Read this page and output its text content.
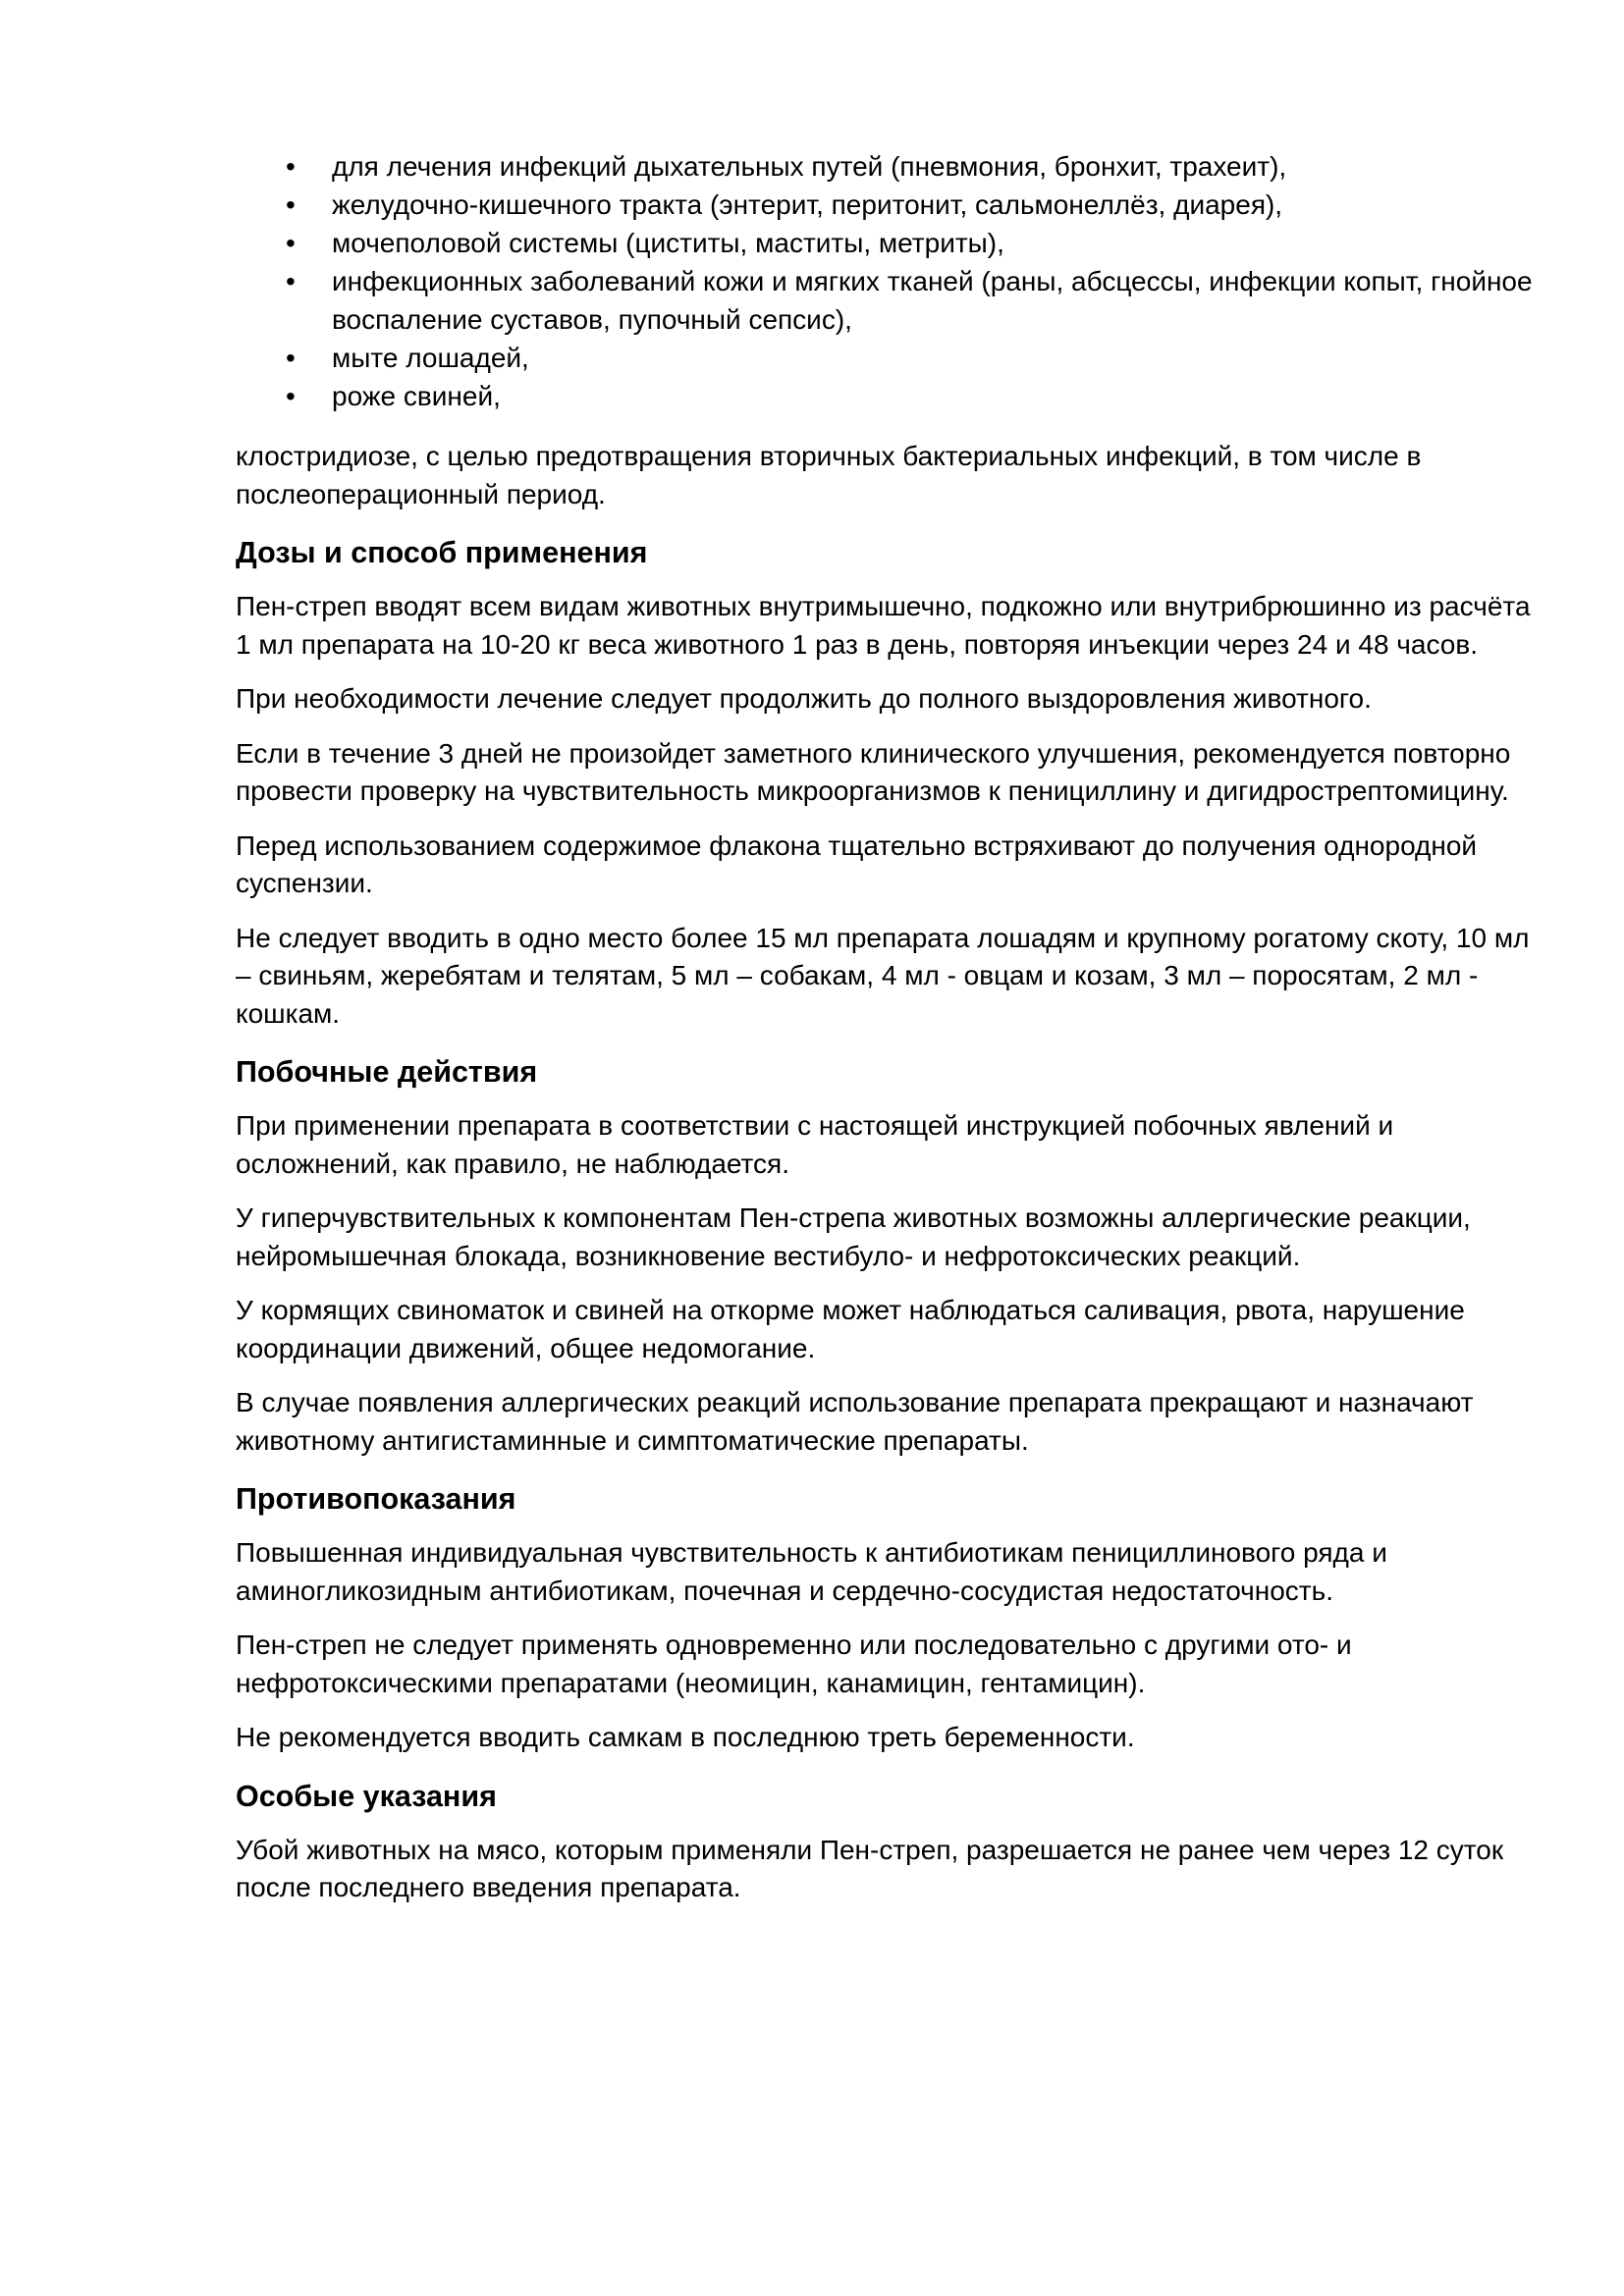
• для лечения инфекций дыхательных путей (пневмония, бронхит, трахеит),
• желудочно-кишечного тракта (энтерит, перитонит, сальмонеллёз, диарея),
• мочеполовой системы (циститы, маститы, метриты),
• инфекционных заболеваний кожи и мягких тканей (раны, абсцессы, инфекции копыт, гнойное воспаление суставов, пупочный сепсис),
• мыте лошадей,
• роже свиней,

клостридиозе, с целью предотвращения вторичных бактериальных инфекций, в том числе в послеоперационный период.

Дозы и способ применения

Пен-стреп вводят всем видам животных внутримышечно, подкожно или внутрибрюшинно из расчёта 1 мл препарата на 10-20 кг веса животного 1 раз в день, повторяя инъекции через 24 и 48 часов.

При необходимости лечение следует продолжить до полного выздоровления животного.

Если в течение 3 дней не произойдет заметного клинического улучшения, рекомендуется повторно провести проверку на чувствительность микроорганизмов к пенициллину и дигидрострептомицину.

Перед использованием содержимое флакона тщательно встряхивают до получения однородной суспензии.

Не следует вводить в одно место более 15 мл препарата лошадям и крупному рогатому скоту, 10 мл – свиньям, жеребятам и телятам, 5 мл – собакам, 4 мл - овцам и козам, 3 мл – поросятам, 2 мл - кошкам.

Побочные действия

При применении препарата в соответствии с настоящей инструкцией побочных явлений и осложнений, как правило, не наблюдается.

У гиперчувствительных к компонентам Пен-стрепа животных возможны аллергические реакции, нейромышечная блокада, возникновение вестибуло- и нефротоксических реакций.

У кормящих свиноматок и свиней на откорме может наблюдаться саливация, рвота, нарушение координации движений, общее недомогание.

В случае появления аллергических реакций использование препарата прекращают и назначают животному антигистаминные и симптоматические препараты.

Противопоказания

Повышенная индивидуальная чувствительность к антибиотикам пенициллинового ряда и аминогликозидным антибиотикам, почечная и сердечно-сосудистая недостаточность.

Пен-стреп не следует применять одновременно или последовательно с другими ото- и нефротоксическими препаратами (неомицин, канамицин, гентамицин).

Не рекомендуется вводить самкам в последнюю треть беременности.

Особые указания

Убой животных на мясо, которым применяли Пен-стреп, разрешается не ранее чем через 12 суток после последнего введения препарата.
